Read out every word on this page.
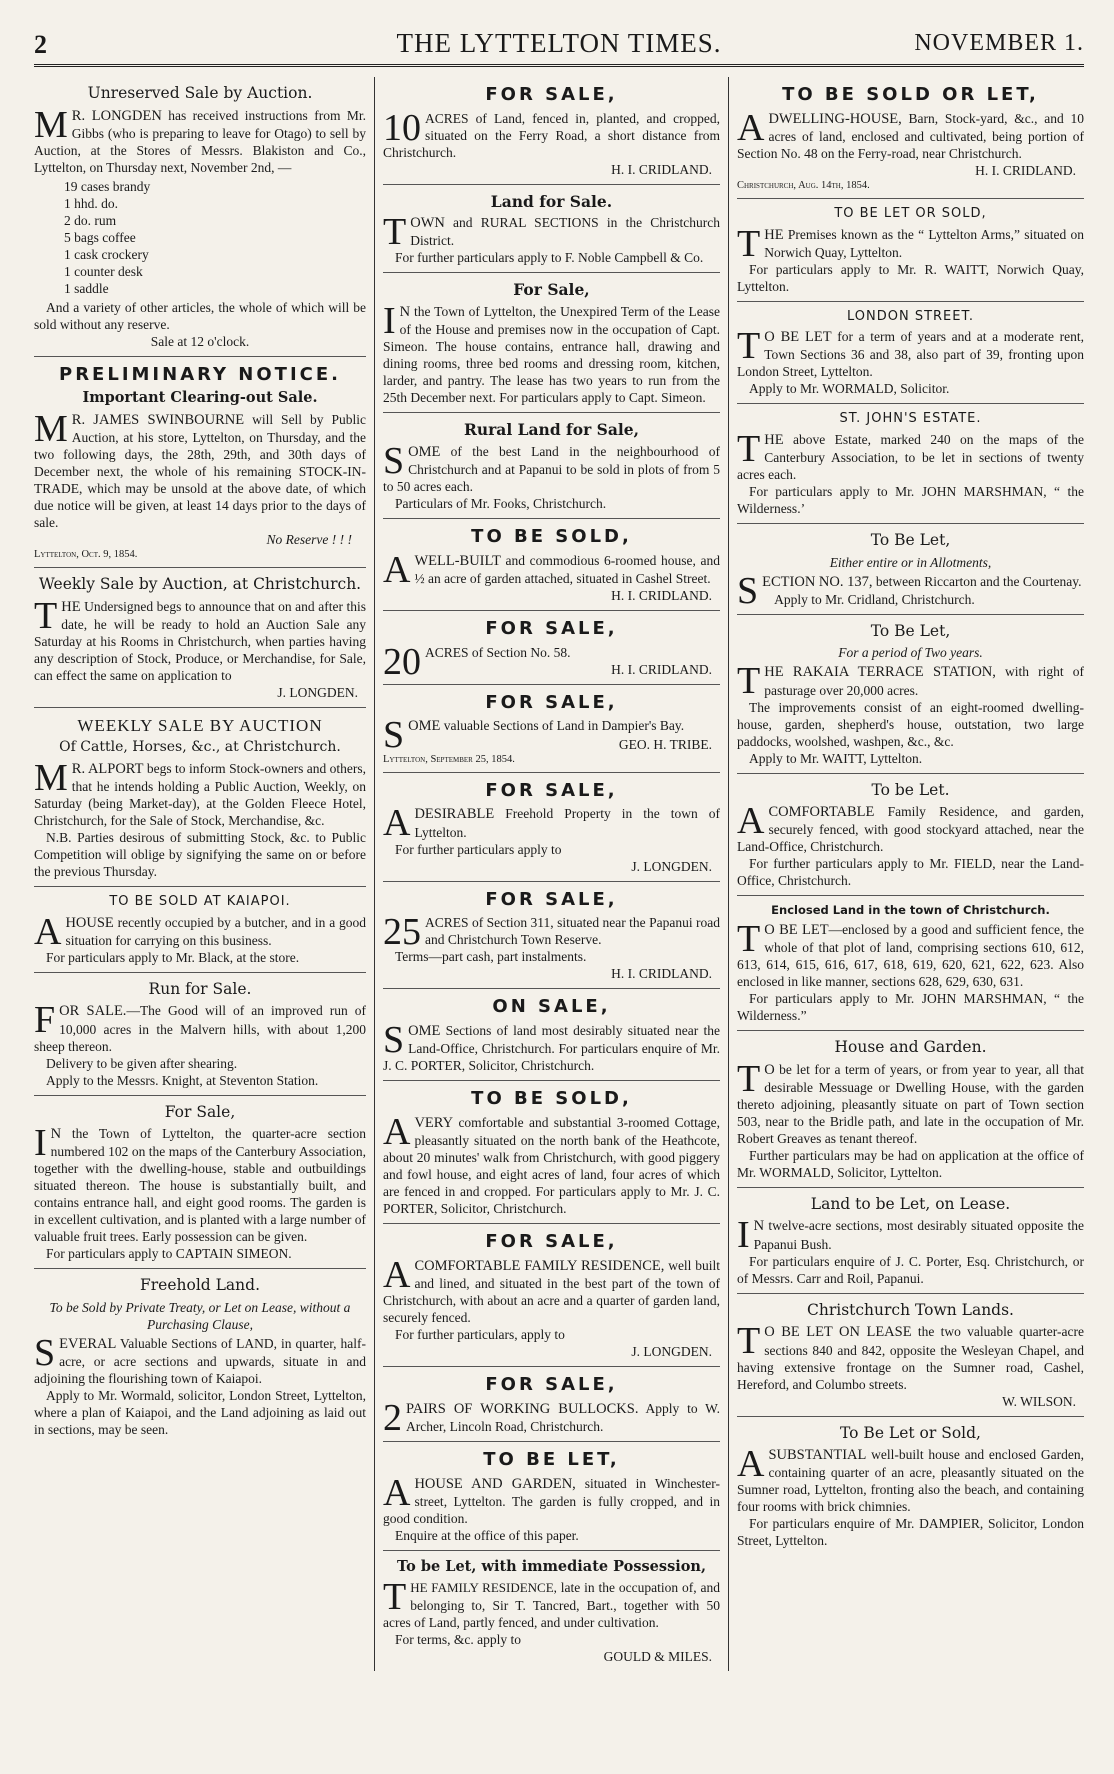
2	THE LYTTELTON TIMES.	NOVEMBER 1.
Unreserved Sale by Auction.

M R. LONGDEN has received instructions from Mr. Gibbs (who is preparing to leave for Otago) to sell by Auction, at the Stores of Messrs. Blakiston and Co., Lyttelton, on Thursday next, November 2nd, —

19 cases brandy
1 hhd. do.
2 do. rum
5 bags coffee
1 cask crockery
1 counter desk
1 saddle

And a variety of other articles, the whole of which will be sold without any reserve.

Sale at 12 o'clock.
PRELIMINARY NOTICE.
Important Clearing-out Sale.

M R. JAMES SWINBOURNE will Sell by Public Auction, at his store, Lyttelton, on Thursday, and the two following days, the 28th, 29th, and 30th days of December next, the whole of his remaining STOCK-IN-TRADE, which may be unsold at the above date, of which due notice will be given, at least 14 days prior to the days of sale.

No Reserve ! ! !
Lyttelton, Oct. 9, 1854.
Weekly Sale by Auction, at Christchurch.

THE Undersigned begs to announce that on and after this date, he will be ready to hold an Auction Sale any Saturday at his Rooms in Christchurch, when parties having any description of Stock, Produce, or Merchandise, for Sale, can effect the same on application to

J. LONGDEN.
WEEKLY SALE BY AUCTION
Of Cattle, Horses, &c., at Christchurch.

M R. ALPORT begs to inform Stock-owners and others, that he intends holding a Public Auction, Weekly, on Saturday (being Market-day), at the Golden Fleece Hotel, Christchurch, for the Sale of Stock, Merchandise, &c.

N.B. Parties desirous of submitting Stock, &c. to Public Competition will oblige by signifying the same on or before the previous Thursday.

TO BE SOLD AT KAIAPOI.

AHOUSE recently occupied by a butcher, and in a good situation for carrying on this business.

For particulars apply to Mr. Black, at the store.

Run for Sale.

FOR SALE.—The Good will of an improved run of 10,000 acres in the Malvern hills, with about 1,200 sheep thereon.

Delivery to be given after shearing.

Apply to the Messrs. Knight, at Steventon Station.

For Sale,

I N the Town of Lyttelton, the quarter-acre section numbered 102 on the maps of the Canterbury Association, together with the dwelling-house, stable and outbuildings situated thereon. The house is substantially built, and contains entrance hall, and eight good rooms. The garden is in excellent cultivation, and is planted with a large number of valuable fruit trees. Early possession can be given.

For particulars apply to CAPTAIN SIMEON.

Freehold Land.
To be Sold by Private Treaty, or Let on Lease, without a Purchasing Clause,

SEVERAL Valuable Sections of LAND, in quarter, half-acre, or acre sections and upwards, situate in and adjoining the flourishing town of Kaiapoi.

Apply to Mr. Wormald, solicitor, London Street, Lyttelton, where a plan of Kaiapoi, and the Land adjoining as laid out in sections, may be seen.

FOR SALE,

10 ACRES of Land, fenced in, planted, and cropped, situated on the Ferry Road, a short distance from Christchurch.

H. I. CRIDLAND.
Land for Sale.

TOWN and RURAL SECTIONS in the Christchurch District.

For further particulars apply to F. Noble Campbell & Co.

For Sale,

I N the Town of Lyttelton, the Unexpired Term of the Lease of the House and premises now in the occupation of Capt. Simeon. The house contains, entrance hall, drawing and dining rooms, three bed rooms and dressing room, kitchen, larder, and pantry. The lease has two years to run from the 25th December next. For particulars apply to Capt. Simeon.

Rural Land for Sale,

SOME of the best Land in the neighbourhood of Christchurch and at Papanui to be sold in plots of from 5 to 50 acres each.

Particulars of Mr. Fooks, Christchurch.

TO BE SOLD,

AWELL-BUILT and commodious 6-roomed house, and ½ an acre of garden attached, situated in Cashel Street.

H. I. CRIDLAND.
FOR SALE,

20 ACRES of Section No. 58.

H. I. CRIDLAND.
FOR SALE,

SOME valuable Sections of Land in Dampier's Bay.

GEO. H. TRIBE.
Lyttelton, September 25, 1854.
FOR SALE,

ADESIRABLE Freehold Property in the town of Lyttelton.

For further particulars apply to

J. LONGDEN.
FOR SALE,

25 ACRES of Section 311, situated near the Papanui road and Christchurch Town Reserve.

Terms—part cash, part instalments.

H. I. CRIDLAND.
ON SALE,

SOME Sections of land most desirably situated near the Land-Office, Christchurch. For particulars enquire of Mr. J. C. PORTER, Solicitor, Christchurch.

TO BE SOLD,

AVERY comfortable and substantial 3-roomed Cottage, pleasantly situated on the north bank of the Heathcote, about 20 minutes' walk from Christchurch, with good piggery and fowl house, and eight acres of land, four acres of which are fenced in and cropped. For particulars apply to Mr. J. C. PORTER, Solicitor, Christchurch.

FOR SALE,

ACOMFORTABLE FAMILY RESIDENCE, well built and lined, and situated in the best part of the town of Christchurch, with about an acre and a quarter of garden land, securely fenced.

For further particulars, apply to

J. LONGDEN.
FOR SALE,

2 PAIRS OF WORKING BULLOCKS. Apply to W. Archer, Lincoln Road, Christchurch.

TO BE LET,

AHOUSE AND GARDEN, situated in Winchester-street, Lyttelton. The garden is fully cropped, and in good condition.

Enquire at the office of this paper.

To be Let, with immediate Possession,

THE FAMILY RESIDENCE, late in the occupation of, and belonging to, Sir T. Tancred, Bart., together with 50 acres of Land, partly fenced, and under cultivation.

For terms, &c. apply to

GOULD & MILES.
TO BE SOLD OR LET,

ADWELLING-HOUSE, Barn, Stock-yard, &c., and 10 acres of land, enclosed and cultivated, being portion of Section No. 48 on the Ferry-road, near Christchurch.

H. I. CRIDLAND.
Christchurch, Aug. 14th, 1854.
TO BE LET OR SOLD,

THE Premises known as the “ Lyttelton Arms,” situated on Norwich Quay, Lyttelton.

For particulars apply to Mr. R. WAITT, Norwich Quay, Lyttelton.

LONDON STREET.

T O BE LET for a term of years and at a moderate rent, Town Sections 36 and 38, also part of 39, fronting upon London Street, Lyttelton.

Apply to Mr. WORMALD, Solicitor.

ST. JOHN'S ESTATE.

THE above Estate, marked 240 on the maps of the Canterbury Association, to be let in sections of twenty acres each.

For particulars apply to Mr. JOHN MARSHMAN, “ the Wilderness.’

To Be Let,
Either entire or in Allotments,

SECTION NO. 137, between Riccarton and the Courtenay.

Apply to Mr. Cridland, Christchurch.

To Be Let,
For a period of Two years.

THE RAKAIA TERRACE STATION, with right of pasturage over 20,000 acres.

The improvements consist of an eight-roomed dwelling-house, garden, shepherd's house, outstation, two large paddocks, woolshed, washpen, &c., &c.

Apply to Mr. WAITT, Lyttelton.

To be Let.

ACOMFORTABLE Family Residence, and garden, securely fenced, with good stockyard attached, near the Land-Office, Christchurch.

For further particulars apply to Mr. FIELD, near the Land-Office, Christchurch.

Enclosed Land in the town of Christchurch.

T O BE LET—enclosed by a good and sufficient fence, the whole of that plot of land, comprising sections 610, 612, 613, 614, 615, 616, 617, 618, 619, 620, 621, 622, 623. Also enclosed in like manner, sections 628, 629, 630, 631.

For particulars apply to Mr. JOHN MARSHMAN, “ the Wilderness.”

House and Garden.

T O be let for a term of years, or from year to year, all that desirable Messuage or Dwelling House, with the garden thereto adjoining, pleasantly situate on part of Town section 503, near to the Bridle path, and late in the occupation of Mr. Robert Greaves as tenant thereof.

Further particulars may be had on application at the office of Mr. WORMALD, Solicitor, Lyttelton.

Land to be Let, on Lease.

I N twelve-acre sections, most desirably situated opposite the Papanui Bush.

For particulars enquire of J. C. Porter, Esq. Christchurch, or of Messrs. Carr and Roil, Papanui.

Christchurch Town Lands.

T O BE LET ON LEASE the two valuable quarter-acre sections 840 and 842, opposite the Wesleyan Chapel, and having extensive frontage on the Sumner road, Cashel, Hereford, and Columbo streets.

W. WILSON.
To Be Let or Sold,

ASUBSTANTIAL well-built house and enclosed Garden, containing quarter of an acre, pleasantly situated on the Sumner road, Lyttelton, fronting also the beach, and containing four rooms with brick chimnies.

For particulars enquire of Mr. DAMPIER, Solicitor, London Street, Lyttelton.
